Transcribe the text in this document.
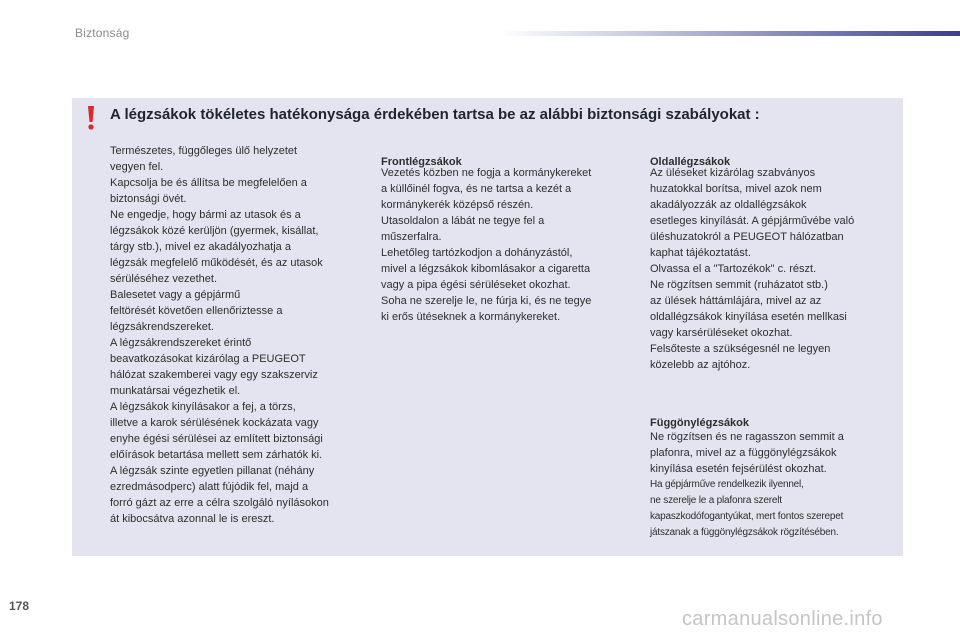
Biztonság
A légzsákok tökéletes hatékonysága érdekében tartsa be az alábbi biztonsági szabályokat :

Természetes, függőleges ülő helyzetet

vegyen fel.

Kapcsolja be és állítsa be megfelelően a

biztonsági övét.

Ne engedje, hogy bármi az utasok és a

légzsákok közé kerüljön (gyermek, kisállat,

tárgy stb.), mivel ez akadályozhatja a

légzsák megfelelő működését, és az utasok

sérüléséhez vezethet.

Balesetet vagy a gépjármű

feltörését követően ellenőriztesse a

légzsákrendszereket.

A légzsákrendszereket érintő

beavatkozásokat kizárólag a PEUGEOT

hálózat szakemberei vagy egy szakszerviz

munkatársai végezhetik el.

A légzsákok kinyílásakor a fej, a törzs,

illetve a karok sérülésének kockázata vagy

enyhe égési sérülései az említett biztonsági

előírások betartása mellett sem zárhatók ki.

A légzsák szinte egyetlen pillanat (néhány

ezredmásodperc) alatt fújódik fel, majd a

forró gázt az erre a célra szolgáló nyílásokon

át kibocsátva azonnal le is ereszt.

Frontlégzsákok

Vezetés közben ne fogja a kormánykereket

a küllőinél fogva, és ne tartsa a kezét a

kormánykerék középső részén.

Utasoldalon a lábát ne tegye fel a

műszerfalra.

Lehetőleg tartózkodjon a dohányzástól,

mivel a légzsákok kibomlásakor a cigaretta

vagy a pipa égési sérüléseket okozhat.

Soha ne szerelje le, ne fúrja ki, és ne tegye

ki erős ütéseknek a kormánykereket.

Oldallégzsákok

Az üléseket kizárólag szabványos

huzatokkal borítsa, mivel azok nem

akadályozzák az oldallégzsákok

esetleges kinyílását. A gépjárművébe való

üléshuzatokról a PEUGEOT hálózatban

kaphat tájékoztatást.

Olvassa el a "Tartozékok" c. részt.

Ne rögzítsen semmit (ruházatot stb.)

az ülések háttámlájára, mivel az az

oldallégzsákok kinyílása esetén mellkasi

vagy karsérüléseket okozhat.

Felsőteste a szükségesnél ne legyen

közelebb az ajtóhoz.

Függönylégzsákok

Ne rögzítsen és ne ragasszon semmit a

plafonra, mivel az a függönylégzsákok

kinyílása esetén fejsérülést okozhat.

Ha gépjárműve rendelkezik ilyennel,

ne szerelje le a plafonra szerelt

kapaszkodófogantyúkat, mert fontos szerepet

játszanak a függönylégzsákok rögzítésében.

178
carmanualsonline.info
